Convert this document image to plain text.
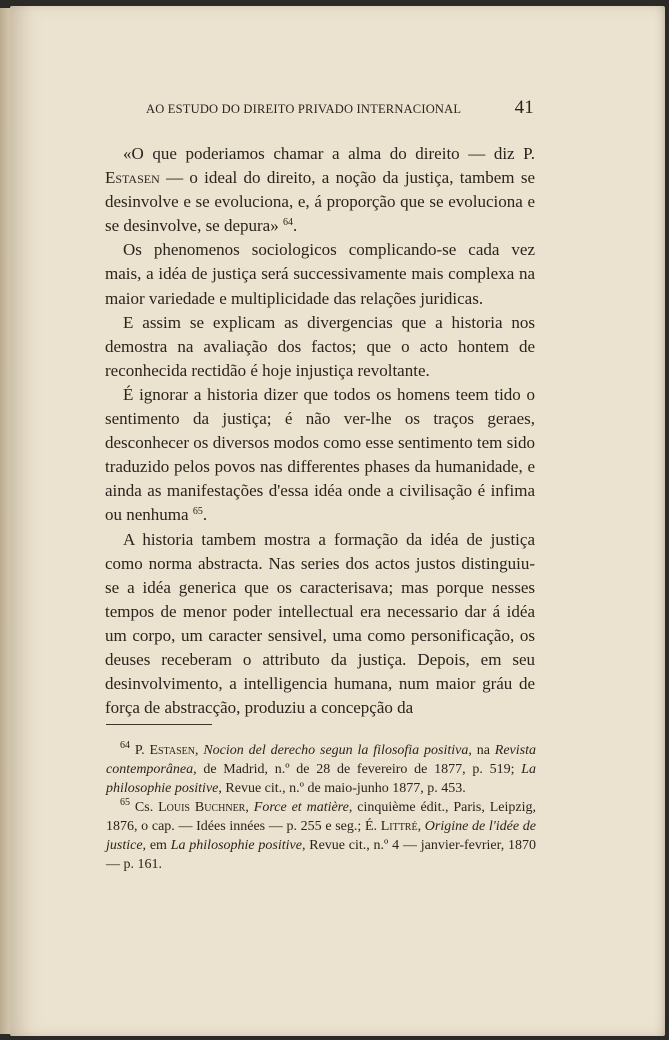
AO ESTUDO DO DIREITO PRIVADO INTERNACIONAL	41

«O que poderiamos chamar a alma do direito — diz P. Estasen — o ideal do direito, a noção da justiça, tambem se desinvolve e se evoluciona, e, á proporção que se evoluciona e se desinvolve, se depura» $^{64}$.

Os phenomenos sociologicos complicando-se cada vez mais, a idéa de justiça será successivamente mais complexa na maior variedade e multiplicidade das relações juridicas.

E assim se explicam as divergencias que a historia nos demostra na avaliação dos factos; que o acto hontem de reconhecida rectidão é hoje injustiça revoltante.

É ignorar a historia dizer que todos os homens teem tido o sentimento da justiça; é não ver-lhe os traços geraes, desconhecer os diversos modos como esse sentimento tem sido traduzido pelos povos nas differentes phases da humanidade, e ainda as manifestações d'essa idéa onde a civilisação é infima ou nenhuma $^{65}$.

A historia tambem mostra a formação da idéa de justiça como norma abstracta. Nas series dos actos justos distinguiu-se a idéa generica que os caracterisava; mas porque nesses tempos de menor poder intellectual era necessario dar á idéa um corpo, um caracter sensivel, uma como personificação, os deuses receberam o attributo da justiça. Depois, em seu desinvolvimento, a intelligencia humana, num maior gráu de força de abstracção, produziu a concepção da

$^{64}$ P. Estasen, Nocion del derecho segun la filosofia positiva, na Revista contemporânea, de Madrid, n.º de 28 de fevereiro de 1877, p. 519; La philosophie positive, Revue cit., n.º de maio-junho 1877, p. 453.

$^{65}$ Cs. Louis Buchner, Force et matière, cinquième édit., Paris, Leipzig, 1876, o cap. — Idées innées — p. 255 e seg.; É. Littré, Origine de l'idée de justice, em La philosophie positive, Revue cit., n.º 4 — janvier-fevrier, 1870 — p. 161.
